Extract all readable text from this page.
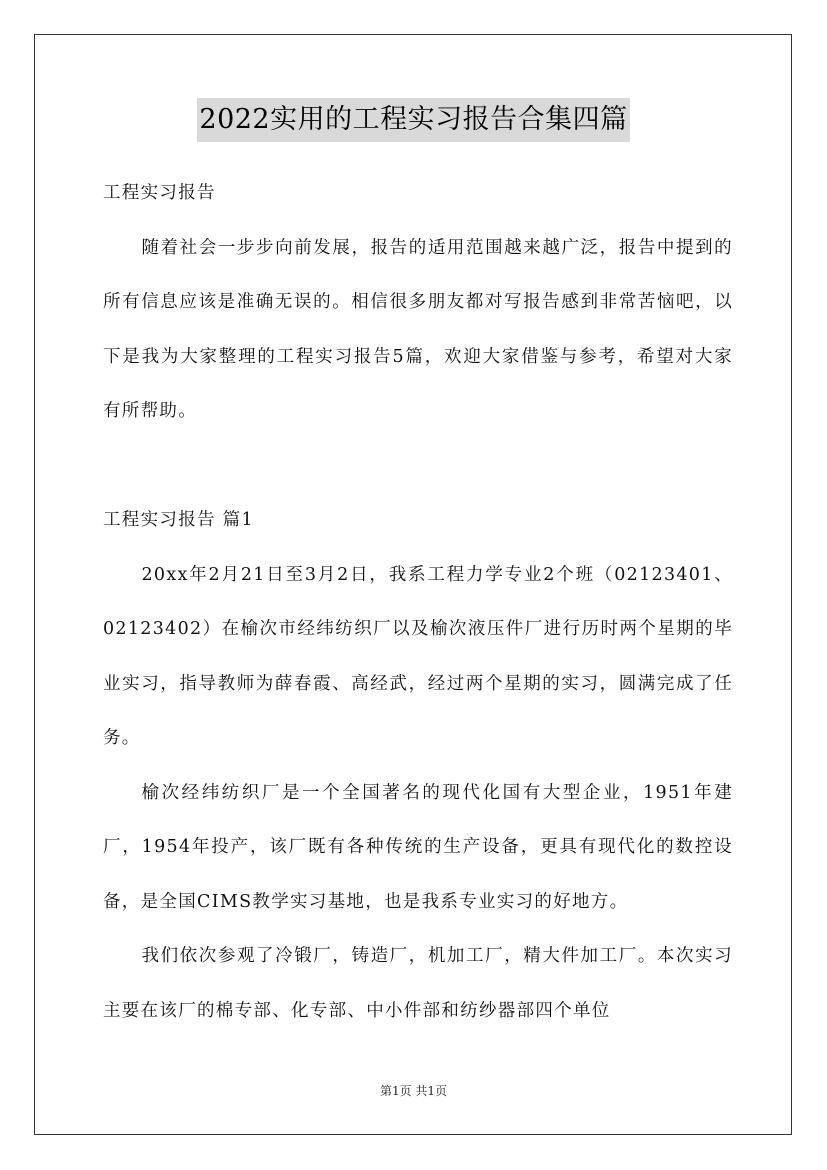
2022实用的工程实习报告合集四篇
工程实习报告

随着社会一步步向前发展，报告的适用范围越来越广泛，报告中提到的所有信息应该是准确无误的。相信很多朋友都对写报告感到非常苦恼吧，以下是我为大家整理的工程实习报告5篇，欢迎大家借鉴与参考，希望对大家有所帮助。

工程实习报告 篇1

20xx年2月21日至3月2日，我系工程力学专业2个班（02123401、02123402）在榆次市经纬纺织厂以及榆次液压件厂进行历时两个星期的毕业实习，指导教师为薛春霞、高经武，经过两个星期的实习，圆满完成了任务。

榆次经纬纺织厂是一个全国著名的现代化国有大型企业，1951年建厂，1954年投产，该厂既有各种传统的生产设备，更具有现代化的数控设备，是全国CIMS教学实习基地，也是我系专业实习的好地方。

我们依次参观了冷锻厂，铸造厂，机加工厂，精大件加工厂。本次实习主要在该厂的棉专部、化专部、中小件部和纺纱器部四个单位

第1页 共1页
